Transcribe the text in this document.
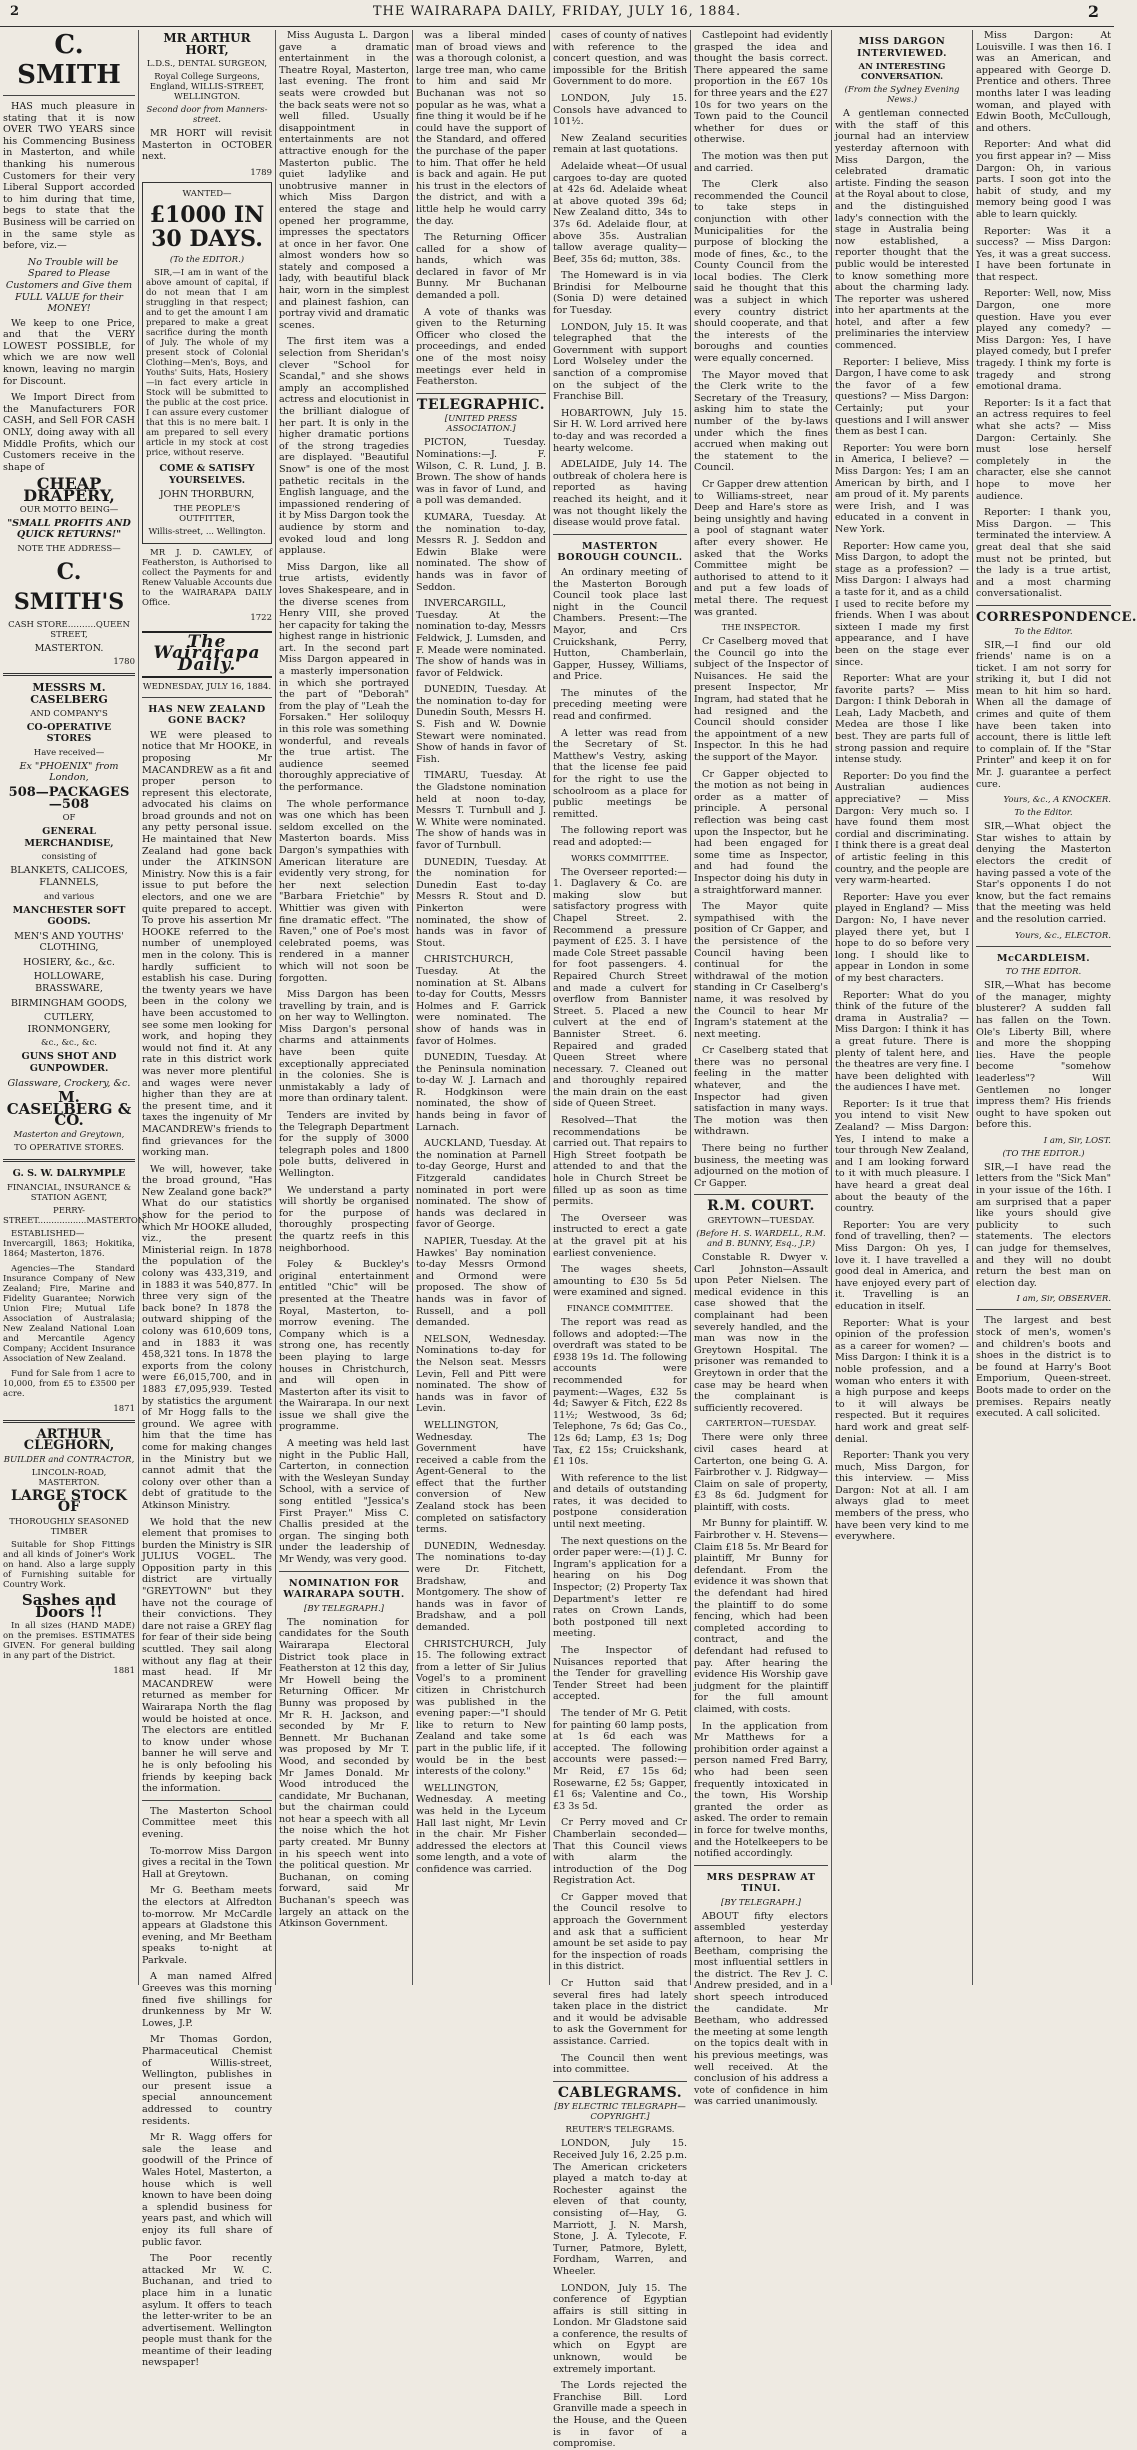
2	THE WAIRARAPA DAILY, FRIDAY, JULY 16, 1884.	2
C. SMITH

HAS much pleasure in stating that it is now OVER TWO YEARS since his Commencing Business in Masterton, and while thanking his numerous Customers for their very Liberal Support accorded to him during that time, begs to state that the Business will be carried on in the same style as before, viz.—

No Trouble will be Spared to Please Customers and Give them FULL VALUE for their MONEY!

We keep to one Price, and that the VERY LOWEST POSSIBLE, for which we are now well known, leaving no margin for Discount.

We Import Direct from the Manufacturers FOR CASH, and Sell FOR CASH ONLY, doing away with all Middle Profits, which our Customers receive in the shape of

CHEAP DRAPERY,
OUR MOTTO BEING—
"SMALL PROFITS AND QUICK RETURNS!"
NOTE THE ADDRESS—
C. SMITH'S
CASH STORE……….QUEEN STREET,
MASTERTON.
1780
MESSRS M. CASELBERG
AND COMPANY'S
CO-OPERATIVE STORES
Have received—
Ex "PHOENIX" from London,
508—PACKAGES—508
OF
GENERAL MERCHANDISE,
consisting of
BLANKETS, CALICOES, FLANNELS,
and various
MANCHESTER SOFT GOODS.
MEN'S AND YOUTHS' CLOTHING,
HOSIERY, &c., &c.
HOLLOWARE, BRASSWARE,
BIRMINGHAM GOODS,
CUTLERY, IRONMONGERY,
&c., &c., &c.
GUNS SHOT AND GUNPOWDER.
Glassware, Crockery, &c.
M. CASELBERG & CO.
Masterton and Greytown,
TO OPERATIVE STORES.
G. S. W. DALRYMPLE
FINANCIAL, INSURANCE & STATION AGENT,
PERRY-STREET..................MASTERTON.

ESTABLISHED—Invercargill, 1863; Hokitika, 1864; Masterton, 1876.

Agencies—The Standard Insurance Company of New Zealand; Fire, Marine and Fidelity Guarantee; Norwich Union Fire; Mutual Life Association of Australasia; New Zealand National Loan and Mercantile Agency Company; Accident Insurance Association of New Zealand.

Fund for Sale from 1 acre to 10,000, from £5 to £3500 per acre.

1871
ARTHUR CLEGHORN,
BUILDER and CONTRACTOR,
LINCOLN-ROAD, MASTERTON.
LARGE STOCK OF
THOROUGHLY SEASONED TIMBER

Suitable for Shop Fittings and all kinds of Joiner's Work on hand. Also a large supply of Furnishing suitable for Country Work.

Sashes and Doors !!

In all sizes (HAND MADE) on the premises. ESTIMATES GIVEN. For general building in any part of the District.

1881
MR ARTHUR HORT,
L.D.S., DENTAL SURGEON,
Royal College Surgeons, England, WILLIS-STREET, WELLINGTON.
Second door from Manners-street.

MR HORT will revisit Masterton in OCTOBER next.

1789
WANTED—
£1000 IN 30 DAYS.
(To the EDITOR.)

SIR,—I am in want of the above amount of capital, if do not mean that I am struggling in that respect; and to get the amount I am prepared to make a great sacrifice during the month of July. The whole of my present stock of Colonial Clothing—Men's, Boys, and Youths' Suits, Hats, Hosiery—in fact every article in Stock will be submitted to the public at the cost price. I can assure every customer that this is no mere bait. I am prepared to sell every article in my stock at cost price, without reserve.

COME & SATISFY YOURSELVES.
JOHN THORBURN,
THE PEOPLE'S OUTFITTER,
Willis-street, ... Wellington.

MR J. D. CAWLEY, of Featherston, is Authorised to collect the Payments for and Renew Valuable Accounts due to the WAIRARAPA DAILY Office.

1722
The Wairarapa Daily.
WEDNESDAY, JULY 16, 1884.
HAS NEW ZEALAND GONE BACK?

WE were pleased to notice that Mr HOOKE, in proposing Mr MACANDREW as a fit and proper person to represent this electorate, advocated his claims on broad grounds and not on any petty personal issue. He maintained that New Zealand had gone back under the ATKINSON Ministry. Now this is a fair issue to put before the electors, and one we are quite prepared to accept. To prove his assertion Mr HOOKE referred to the number of unemployed men in the colony. This is hardly sufficient to establish his case. During the twenty years we have been in the colony we have been accustomed to see some men looking for work, and hoping they would not find it. At any rate in this district work was never more plentiful and wages were never higher than they are at the present time, and it taxes the ingenuity of Mr MACANDREW's friends to find grievances for the working man.

We will, however, take the broad ground, "Has New Zealand gone back?" What do our statistics show for the period to which Mr HOOKE alluded, viz., the present Ministerial reign. In 1878 the population of the colony was 433,319, and in 1883 it was 540,877. In three very sign of the back bone? In 1878 the outward shipping of the colony was 610,609 tons, and in 1883 it was 458,321 tons. In 1878 the exports from the colony were £6,015,700, and in 1883 £7,095,939. Tested by statistics the argument of Mr Hogg falls to the ground. We agree with him that the time has come for making changes in the Ministry but we cannot admit that the colony over other than a debt of gratitude to the Atkinson Ministry.

We hold that the new element that promises to burden the Ministry is SIR JULIUS VOGEL. The Opposition party in this district are virtually "GREYTOWN" but they have not the courage of their convictions. They dare not raise a GREY flag for fear of their side being scuttled. They sail along without any flag at their mast head. If Mr MACANDREW were returned as member for Wairarapa North the flag would be hoisted at once. The electors are entitled to know under whose banner he will serve and he is only befooling his friends by keeping back the information.

The Masterton School Committee meet this evening.

To-morrow Miss Dargon gives a recital in the Town Hall at Greytown.

Mr G. Beetham meets the electors at Alfredton to-morrow. Mr McCardle appears at Gladstone this evening, and Mr Beetham speaks to-night at Parkvale.

A man named Alfred Greeves was this morning fined five shillings for drunkenness by Mr W. Lowes, J.P.

Mr Thomas Gordon, Pharmaceutical Chemist of Willis-street, Wellington, publishes in our present issue a special announcement addressed to country residents.

Mr R. Wagg offers for sale the lease and goodwill of the Prince of Wales Hotel, Masterton, a house which is well known to have been doing a splendid business for years past, and which will enjoy its full share of public favor.

The Poor recently attacked Mr W. C. Buchanan, and tried to place him in a lunatic asylum. It offers to teach the letter-writer to be an advertisement. Wellington people must thank for the meantime of their leading newspaper!

Miss Augusta L. Dargon gave a dramatic entertainment in the Theatre Royal, Masterton, last evening. The front seats were crowded but the back seats were not so well filled. Usually disappointment in entertainments are not attractive enough for the Masterton public. The quiet ladylike and unobtrusive manner in which Miss Dargon entered the stage and opened her programme, impresses the spectators at once in her favor. One almost wonders how so stately and composed a lady, with beautiful black hair, worn in the simplest and plainest fashion, can portray vivid and dramatic scenes.

The first item was a selection from Sheridan's clever "School for Scandal," and she shows amply an accomplished actress and elocutionist in the brilliant dialogue of her part. It is only in the higher dramatic portions of the strong tragedies are displayed. "Beautiful Snow" is one of the most pathetic recitals in the English language, and the impassioned rendering of it by Miss Dargon took the audience by storm and evoked loud and long applause.

Miss Dargon, like all true artists, evidently loves Shakespeare, and in the diverse scenes from Henry VIII, she proved her capacity for taking the highest range in histrionic art. In the second part Miss Dargon appeared in a masterly impersonation in which she portrayed the part of "Deborah" from the play of "Leah the Forsaken." Her soliloquy in this role was something wonderful, and reveals the true artist. The audience seemed thoroughly appreciative of the performance.

The whole performance was one which has been seldom excelled on the Masterton boards. Miss Dargon's sympathies with American literature are evidently very strong, for her next selection "Barbara Frietchie" by Whittier was given with fine dramatic effect. "The Raven," one of Poe's most celebrated poems, was rendered in a manner which will not soon be forgotten.

Miss Dargon has been travelling by train, and is on her way to Wellington. Miss Dargon's personal charms and attainments have been quite exceptionally appreciated in the colonies. She is unmistakably a lady of more than ordinary talent.

Tenders are invited by the Telegraph Department for the supply of 3000 telegraph poles and 1800 pole butts, delivered in Wellington.

We understand a party will shortly be organised for the purpose of thoroughly prospecting the quartz reefs in this neighborhood.

Foley & Buckley's original entertainment entitled "Chic" will be presented at the Theatre Royal, Masterton, to-morrow evening. The Company which is a strong one, has recently been playing to large houses in Christchurch, and will open in Masterton after its visit to the Wairarapa. In our next issue we shall give the programme.

A meeting was held last night in the Public Hall, Carterton, in connection with the Wesleyan Sunday School, with a service of song entitled "Jessica's First Prayer." Miss C. Challis presided at the organ. The singing both under the leadership of Mr Wendy, was very good.

NOMINATION FOR WAIRARAPA SOUTH.
[BY TELEGRAPH.]

The nomination for candidates for the South Wairarapa Electoral District took place in Featherston at 12 this day, Mr Howell being the Returning Officer. Mr Bunny was proposed by Mr R. H. Jackson, and seconded by Mr F. Bennett. Mr Buchanan was proposed by Mr T. Wood, and seconded by Mr James Donald. Mr Wood introduced the candidate, Mr Buchanan, but the chairman could not hear a speech with all the noise which the hot party created. Mr Bunny in his speech went into the political question. Mr Buchanan, on coming forward, said Mr Buchanan's speech was largely an attack on the Atkinson Government.

was a liberal minded man of broad views and was a thorough colonist, a large tree man, who came to him and said Mr Buchanan was not so popular as he was, what a fine thing it would be if he could have the support of the Standard, and offered the purchase of the paper to him. That offer he held is back and again. He put his trust in the electors of the district, and with a little help he would carry the day.

The Returning Officer called for a show of hands, which was declared in favor of Mr Bunny. Mr Buchanan demanded a poll.

A vote of thanks was given to the Returning Officer who closed the proceedings, and ended one of the most noisy meetings ever held in Featherston.

TELEGRAPHIC.
[UNITED PRESS ASSOCIATION.]

PICTON, Tuesday. Nominations:—J. F. Wilson, C. R. Lund, J. B. Brown. The show of hands was in favor of Lund, and a poll was demanded.

KUMARA, Tuesday. At the nomination to-day, Messrs R. J. Seddon and Edwin Blake were nominated. The show of hands was in favor of Seddon.

INVERCARGILL, Tuesday. At the nomination to-day, Messrs Feldwick, J. Lumsden, and F. Meade were nominated. The show of hands was in favor of Feldwick.

DUNEDIN, Tuesday. At the nomination to-day for Dunedin South, Messrs H. S. Fish and W. Downie Stewart were nominated. Show of hands in favor of Fish.

TIMARU, Tuesday. At the Gladstone nomination held at noon to-day, Messrs T. Turnbull and J. W. White were nominated. The show of hands was in favor of Turnbull.

DUNEDIN, Tuesday. At the nomination for Dunedin East to-day Messrs R. Stout and D. Pinkerton were nominated, the show of hands was in favor of Stout.

CHRISTCHURCH, Tuesday. At the nomination at St. Albans to-day for Coutts, Messrs Holmes and F. Garrick were nominated. The show of hands was in favor of Holmes.

DUNEDIN, Tuesday. At the Peninsula nomination to-day W. J. Larnach and R. Hodgkinson were nominated, the show of hands being in favor of Larnach.

AUCKLAND, Tuesday. At the nomination at Parnell to-day George, Hurst and Fitzgerald candidates nominated in port were nominated. The show of hands was declared in favor of George.

NAPIER, Tuesday. At the Hawkes' Bay nomination to-day Messrs Ormond and Ormond were proposed. The show of hands was in favor of Russell, and a poll demanded.

NELSON, Wednesday. Nominations to-day for the Nelson seat. Messrs Levin, Fell and Pitt were nominated. The show of hands was in favor of Levin.

WELLINGTON, Wednesday. The Government have received a cable from the Agent-General to the effect that the further conversion of New Zealand stock has been completed on satisfactory terms.

DUNEDIN, Wednesday. The nominations to-day were Dr. Fitchett, Bradshaw, and Montgomery. The show of hands was in favor of Bradshaw, and a poll demanded.

CHRISTCHURCH, July 15. The following extract from a letter of Sir Julius Vogel's to a prominent citizen in Christchurch was published in the evening paper:—"I should like to return to New Zealand and take some part in the public life, if it would be in the best interests of the colony."

WELLINGTON, Wednesday. A meeting was held in the Lyceum Hall last night, Mr Levin in the chair. Mr Fisher addressed the electors at some length, and a vote of confidence was carried.

cases of county of natives with reference to the concert question, and was impossible for the British Government to do more.

LONDON, July 15. Consols have advanced to 101½.

New Zealand securities remain at last quotations.

Adelaide wheat—Of usual cargoes to-day are quoted at 42s 6d. Adelaide wheat at above quoted 39s 6d; New Zealand ditto, 34s to 37s 6d. Adelaide flour, at above 35s. Australian tallow average quality—Beef, 35s 6d; mutton, 38s.

The Homeward is in via Brindisi for Melbourne (Sonia D) were detained for Tuesday.

LONDON, July 15. It was telegraphed that the Government with support Lord Wolseley under the sanction of a compromise on the subject of the Franchise Bill.

HOBARTOWN, July 15. Sir H. W. Lord arrived here to-day and was recorded a hearty welcome.

ADELAIDE, July 14. The outbreak of cholera here is reported as having reached its height, and it was not thought likely the disease would prove fatal.

MASTERTON BOROUGH COUNCIL.

An ordinary meeting of the Masterton Borough Council took place last night in the Council Chambers. Present:—The Mayor, and Crs Cruickshank, Perry, Hutton, Chamberlain, Gapper, Hussey, Williams, and Price.

The minutes of the preceding meeting were read and confirmed.

A letter was read from the Secretary of St. Matthew's Vestry, asking that the license fee paid for the right to use the schoolroom as a place for public meetings be remitted.

The following report was read and adopted:—

WORKS COMMITTEE.

The Overseer reported:—1. Daglavery & Co. are making slow but satisfactory progress with Chapel Street. 2. Recommend a pressure payment of £25. 3. I have made Cole Street passable for foot passengers. 4. Repaired Church Street and made a culvert for overflow from Bannister Street. 5. Placed a new culvert at the end of Bannister Street. 6. Repaired and graded Queen Street where necessary. 7. Cleaned out and thoroughly repaired the main drain on the east side of Queen Street.

Resolved—That the recommendations be carried out. That repairs to High Street footpath be attended to and that the hole in Church Street be filled up as soon as time permits.

The Overseer was instructed to erect a gate at the gravel pit at his earliest convenience.

The wages sheets, amounting to £30 5s 5d were examined and signed.

FINANCE COMMITTEE.

The report was read as follows and adopted:—The overdraft was stated to be £938 19s 1d. The following accounts were recommended for payment:—Wages, £32 5s 4d; Sawyer & Fitch, £22 8s 11½; Westwood, 3s 6d; Telephone, 7s 6d; Gas Co., 12s 6d; Lamp, £3 1s; Dog Tax, £2 15s; Cruickshank, £1 10s.

With reference to the list and details of outstanding rates, it was decided to postpone consideration until next meeting.

The next questions on the order paper were:—(1) J. C. Ingram's application for a hearing on his Dog Inspector; (2) Property Tax Department's letter re rates on Crown Lands, both postponed till next meeting.

The Inspector of Nuisances reported that the Tender for gravelling Tender Street had been accepted.

The tender of Mr G. Petit for painting 60 lamp posts, at 1s 6d each was accepted. The following accounts were passed:—Mr Reid, £7 15s 6d; Rosewarne, £2 5s; Gapper, £1 6s; Valentine and Co., £3 3s 5d.

Cr Perry moved and Cr Chamberlain seconded—That this Council views with alarm the introduction of the Dog Registration Act.

Cr Gapper moved that the Council resolve to approach the Government and ask that a sufficient amount be set aside to pay for the inspection of roads in this district.

Cr Hutton said that several fires had lately taken place in the district and it would be advisable to ask the Government for assistance. Carried.

The Council then went into committee.

CABLEGRAMS.
[BY ELECTRIC TELEGRAPH—COPYRIGHT.]
REUTER'S TELEGRAMS.

LONDON, July 15. Received July 16, 2.25 p.m. The American cricketers played a match to-day at Rochester against the eleven of that county, consisting of—Hay, G. Marriott, J. N. Marsh, Stone, J. A. Tylecote, F. Turner, Patmore, Bylett, Fordham, Warren, and Wheeler.

LONDON, July 15. The conference of Egyptian affairs is still sitting in London. Mr Gladstone said a conference, the results of which on Egypt are unknown, would be extremely important.

The Lords rejected the Franchise Bill. Lord Granville made a speech in the House, and the Queen is in favor of a compromise.

Castlepoint had evidently grasped the idea and thought the basis correct. There appeared the same proportion in the £67 10s for three years and the £27 10s for two years on the Town paid to the Council whether for dues or otherwise.

The motion was then put and carried.

The Clerk also recommended the Council to take steps in conjunction with other Municipalities for the purpose of blocking the mode of fines, &c., to the County Council from the local bodies. The Clerk said he thought that this was a subject in which every country district should cooperate, and that the interests of the boroughs and counties were equally concerned.

The Mayor moved that the Clerk write to the Secretary of the Treasury, asking him to state the number of the by-laws under which the fines accrued when making out the statement to the Council.

Cr Gapper drew attention to Williams-street, near Deep and Hare's store as being unsightly and having a pool of stagnant water after every shower. He asked that the Works Committee might be authorised to attend to it and put a few loads of metal there. The request was granted.

THE INSPECTOR.

Cr Caselberg moved that the Council go into the subject of the Inspector of Nuisances. He said the present Inspector, Mr Ingram, had stated that he had resigned and the Council should consider the appointment of a new Inspector. In this he had the support of the Mayor.

Cr Gapper objected to the motion as not being in order as a matter of principle. A personal reflection was being cast upon the Inspector, but he had been engaged for some time as Inspector, and had found the Inspector doing his duty in a straightforward manner.

The Mayor quite sympathised with the position of Cr Gapper, and the persistence of the Council having been continual for the withdrawal of the motion standing in Cr Caselberg's name, it was resolved by the Council to hear Mr Ingram's statement at the next meeting.

Cr Caselberg stated that there was no personal feeling in the matter whatever, and the Inspector had given satisfaction in many ways. The motion was then withdrawn.

There being no further business, the meeting was adjourned on the motion of Cr Gapper.

R.M. COURT.
GREYTOWN—TUESDAY.
(Before H. S. WARDELL, R.M. and B. BUNNY, Esq., J.P.)

Constable R. Dwyer v. Carl Johnston—Assault upon Peter Nielsen. The medical evidence in this case showed that the complainant had been severely handled, and the man was now in the Greytown Hospital. The prisoner was remanded to Greytown in order that the case may be heard when the complainant is sufficiently recovered.

CARTERTON—TUESDAY.

There were only three civil cases heard at Carterton, one being G. A. Fairbrother v. J. Ridgway—Claim on sale of property, £3 8s 6d. Judgment for plaintiff, with costs.

Mr Bunny for plaintiff. W. Fairbrother v. H. Stevens—Claim £18 5s. Mr Beard for plaintiff, Mr Bunny for defendant. From the evidence it was shown that the defendant had hired the plaintiff to do some fencing, which had been completed according to contract, and the defendant had refused to pay. After hearing the evidence His Worship gave judgment for the plaintiff for the full amount claimed, with costs.

In the application from Mr Matthews for a prohibition order against a person named Fred Barry, who had been seen frequently intoxicated in the town, His Worship granted the order as asked. The order to remain in force for twelve months, and the Hotelkeepers to be notified accordingly.

MRS DESPRAW AT TINUI.
[BY TELEGRAPH.]

ABOUT fifty electors assembled yesterday afternoon, to hear Mr Beetham, comprising the most influential settlers in the district. The Rev J. C. Andrew presided, and in a short speech introduced the candidate. Mr Beetham, who addressed the meeting at some length on the topics dealt with in his previous meetings, was well received. At the conclusion of his address a vote of confidence in him was carried unanimously.

MISS DARGON INTERVIEWED.
AN INTERESTING CONVERSATION.
(From the Sydney Evening News.)

A gentleman connected with the staff of this journal had an interview yesterday afternoon with Miss Dargon, the celebrated dramatic artiste. Finding the season at the Royal about to close, and the distinguished lady's connection with the stage in Australia being now established, a reporter thought that the public would be interested to know something more about the charming lady. The reporter was ushered into her apartments at the hotel, and after a few preliminaries the interview commenced.

Reporter: I believe, Miss Dargon, I have come to ask the favor of a few questions? — Miss Dargon: Certainly; put your questions and I will answer them as best I can.

Reporter: You were born in America, I believe? — Miss Dargon: Yes; I am an American by birth, and I am proud of it. My parents were Irish, and I was educated in a convent in New York.

Reporter: How came you, Miss Dargon, to adopt the stage as a profession? — Miss Dargon: I always had a taste for it, and as a child I used to recite before my friends. When I was about sixteen I made my first appearance, and I have been on the stage ever since.

Reporter: What are your favorite parts? — Miss Dargon: I think Deborah in Leah, Lady Macbeth, and Medea are those I like best. They are parts full of strong passion and require intense study.

Reporter: Do you find the Australian audiences appreciative? — Miss Dargon: Very much so. I have found them most cordial and discriminating. I think there is a great deal of artistic feeling in this country, and the people are very warm-hearted.

Reporter: Have you ever played in England? — Miss Dargon: No, I have never played there yet, but I hope to do so before very long. I should like to appear in London in some of my best characters.

Reporter: What do you think of the future of the drama in Australia? — Miss Dargon: I think it has a great future. There is plenty of talent here, and the theatres are very fine. I have been delighted with the audiences I have met.

Reporter: Is it true that you intend to visit New Zealand? — Miss Dargon: Yes, I intend to make a tour through New Zealand, and I am looking forward to it with much pleasure. I have heard a great deal about the beauty of the country.

Reporter: You are very fond of travelling, then? — Miss Dargon: Oh yes, I love it. I have travelled a good deal in America, and have enjoyed every part of it. Travelling is an education in itself.

Reporter: What is your opinion of the profession as a career for women? — Miss Dargon: I think it is a noble profession, and a woman who enters it with a high purpose and keeps to it will always be respected. But it requires hard work and great self-denial.

Reporter: Thank you very much, Miss Dargon, for this interview. — Miss Dargon: Not at all. I am always glad to meet members of the press, who have been very kind to me everywhere.

Miss Dargon: At Louisville. I was then 16. I was an American, and appeared with George D. Prentice and others. Three months later I was leading woman, and played with Edwin Booth, McCullough, and others.

Reporter: And what did you first appear in? — Miss Dargon: Oh, in various parts. I soon got into the habit of study, and my memory being good I was able to learn quickly.

Reporter: Was it a success? — Miss Dargon: Yes, it was a great success. I have been fortunate in that respect.

Reporter: Well, now, Miss Dargon, one more question. Have you ever played any comedy? — Miss Dargon: Yes, I have played comedy, but I prefer tragedy. I think my forte is tragedy and strong emotional drama.

Reporter: Is it a fact that an actress requires to feel what she acts? — Miss Dargon: Certainly. She must lose herself completely in the character, else she cannot hope to move her audience.

Reporter: I thank you, Miss Dargon. — This terminated the interview. A great deal that she said must not be printed, but the lady is a true artist, and a most charming conversationalist.

CORRESPONDENCE.
To the Editor.

SIR,—I find our old friends' name is on a ticket. I am not sorry for striking it, but I did not mean to hit him so hard. When all the damage of crimes and quite of them have been taken into account, there is little left to complain of. If the "Star Printer" and keep it on for Mr. J. guarantee a perfect cure.

Yours, &c., A KNOCKER.
To the Editor.

SIR,—What object the Star wishes to attain by denying the Masterton electors the credit of having passed a vote of the Star's opponents I do not know, but the fact remains that the meeting was held and the resolution carried.

Yours, &c., ELECTOR.
McCARDLEISM.
TO THE EDITOR.

SIR,—What has become of the manager, mighty blusterer? A sudden fall has fallen on the Town. Ole's Liberty Bill, where and more the shopping lies. Have the people become "somehow leaderless"? Will Gentlemen no longer impress them? His friends ought to have spoken out before this.

I am, Sir, LOST.
(TO THE EDITOR.)

SIR,—I have read the letters from the "Sick Man" in your issue of the 16th. I am surprised that a paper like yours should give publicity to such statements. The electors can judge for themselves, and they will no doubt return the best man on election day.

I am, Sir, OBSERVER.

The largest and best stock of men's, women's and children's boots and shoes in the district is to be found at Harry's Boot Emporium, Queen-street. Boots made to order on the premises. Repairs neatly executed. A call solicited.
